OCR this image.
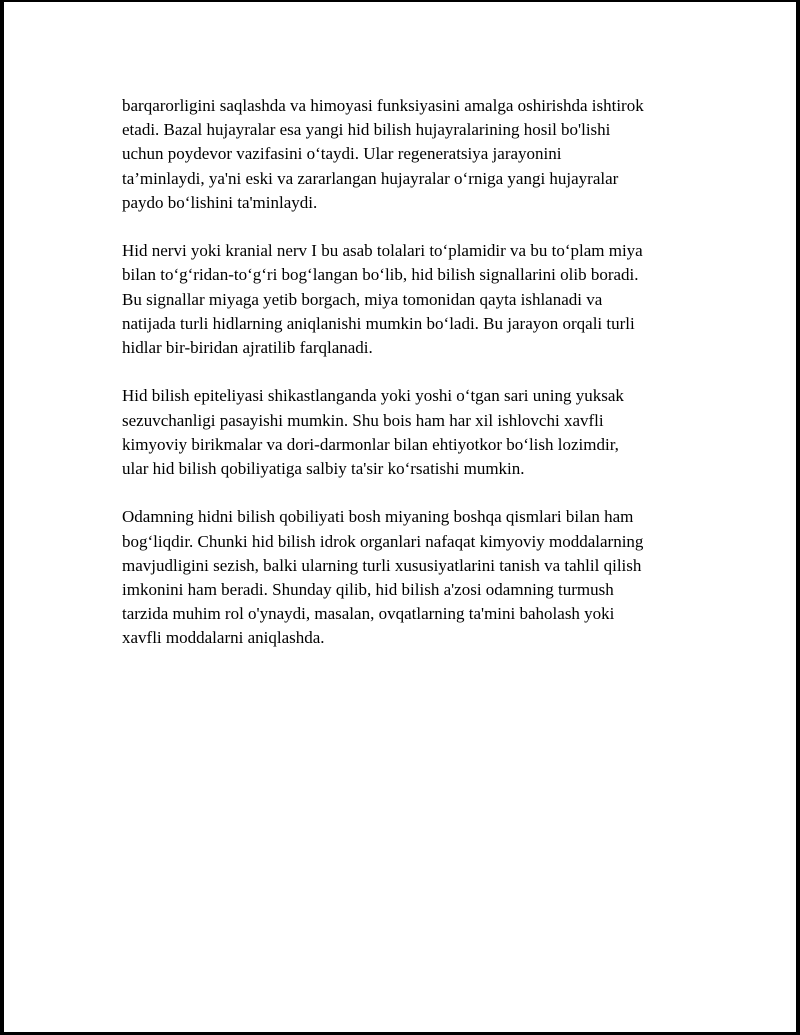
barqarorligini saqlashda va himoyasi funksiyasini amalga oshirishda ishtirok
etadi. Bazal hujayralar esa yangi hid bilish hujayralarining hosil bo'lishi
uchun poydevor vazifasini o‘taydi. Ular regeneratsiya jarayonini
ta’minlaydi, ya'ni eski va zararlangan hujayralar o‘rniga yangi hujayralar
paydo bo‘lishini ta'minlaydi.

Hid nervi yoki kranial nerv I bu asab tolalari to‘plamidir va bu to‘plam miya
bilan to‘g‘ridan-to‘g‘ri bog‘langan bo‘lib, hid bilish signallarini olib boradi.
Bu signallar miyaga yetib borgach, miya tomonidan qayta ishlanadi va
natijada turli hidlarning aniqlanishi mumkin bo‘ladi. Bu jarayon orqali turli
hidlar bir-biridan ajratilib farqlanadi.

Hid bilish epiteliyasi shikastlanganda yoki yoshi o‘tgan sari uning yuksak
sezuvchanligi pasayishi mumkin. Shu bois ham har xil ishlovchi xavfli
kimyoviy birikmalar va dori-darmonlar bilan ehtiyotkor bo‘lish lozimdir,
ular hid bilish qobiliyatiga salbiy ta'sir ko‘rsatishi mumkin.

Odamning hidni bilish qobiliyati bosh miyaning boshqa qismlari bilan ham
bog‘liqdir. Chunki hid bilish idrok organlari nafaqat kimyoviy moddalarning
mavjudligini sezish, balki ularning turli xususiyatlarini tanish va tahlil qilish
imkonini ham beradi. Shunday qilib, hid bilish a'zosi odamning turmush
tarzida muhim rol o'ynaydi, masalan, ovqatlarning ta'mini baholash yoki
xavfli moddalarni aniqlashda.
